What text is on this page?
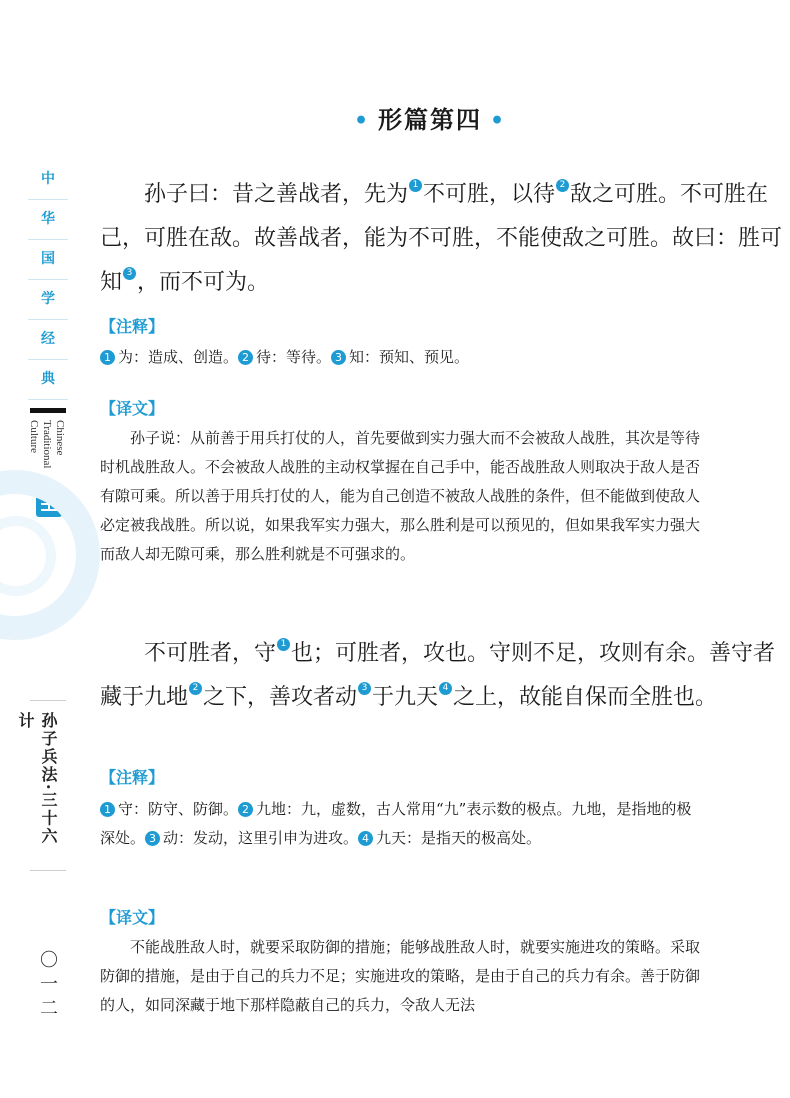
中
华
国
学
经
典
Chinese Traditional Culture
孙子兵法·三十六计
〇一二
• 形篇第四 •

孙子曰：昔之善战者，先为 1 不可胜，以待 2 敌之可胜。不可胜在己，可胜在敌。故善战者，能为不可胜，不能使敌之可胜。故曰：胜可知 3 ，而不可为。

【注释】

1 为：造成、创造。 2 待：等待。 3 知：预知、预见。

【译文】

孙子说：从前善于用兵打仗的人，首先要做到实力强大而不会被敌人战胜，其次是等待时机战胜敌人。不会被敌人战胜的主动权掌握在自己手中，能否战胜敌人则取决于敌人是否有隙可乘。所以善于用兵打仗的人，能为自己创造不被敌人战胜的条件，但不能做到使敌人必定被我战胜。所以说，如果我军实力强大，那么胜利是可以预见的，但如果我军实力强大而敌人却无隙可乘，那么胜利就是不可强求的。

不可胜者，守 1 也；可胜者，攻也。守则不足，攻则有余。善守者藏于九地 2 之下，善攻者动 3 于九天 4 之上，故能自保而全胜也。

【注释】

1 守：防守、防御。 2 九地：九，虚数，古人常用“九”表示数的极点。九地，是指地的极深处。 3 动：发动，这里引申为进攻。 4 九天：是指天的极高处。

【译文】

不能战胜敌人时，就要采取防御的措施；能够战胜敌人时，就要实施进攻的策略。采取防御的措施，是由于自己的兵力不足；实施进攻的策略，是由于自己的兵力有余。善于防御的人，如同深藏于地下那样隐蔽自己的兵力，令敌人无法
